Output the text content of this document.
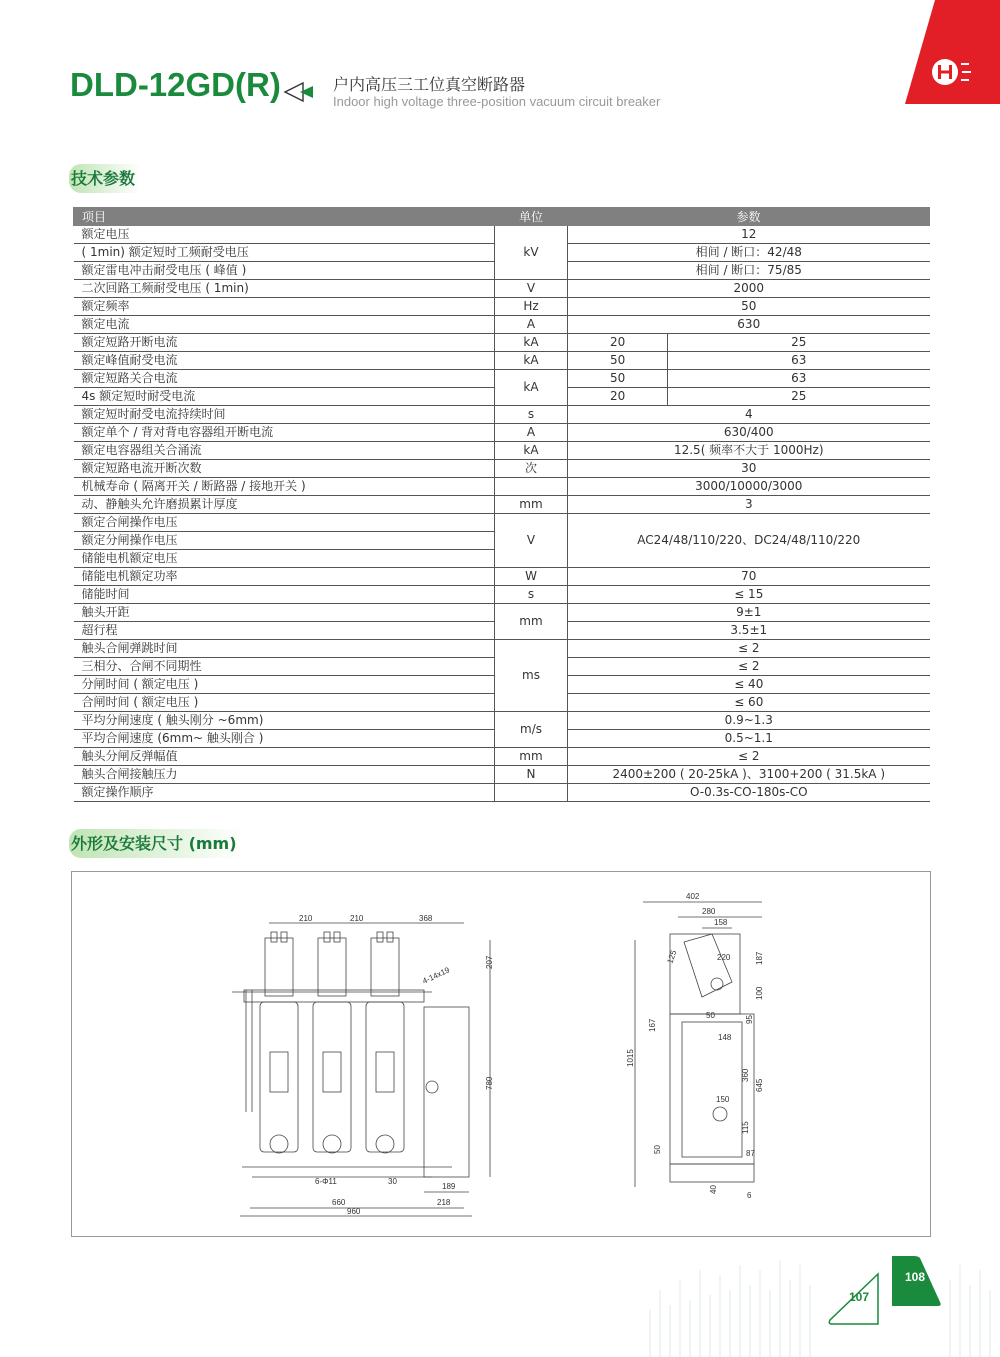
DLD-12GD(R)	户内高压三工位真空断路器
Indoor high voltage three-position vacuum circuit breaker
技术参数
项目	单位	参数	
额定电压	kV	12	
( 1min) 额定短时工频耐受电压		相间 / 断口：42/48	
额定雷电冲击耐受电压 ( 峰值 )		相间 / 断口：75/85	
二次回路工频耐受电压 ( 1min)	V	2000	
额定频率	Hz	50	
额定电流	A	630	
额定短路开断电流	kA	20	25
额定峰值耐受电流	kA	50	63
额定短路关合电流	kA	50	63
4s 额定短时耐受电流		20	25
额定短时耐受电流持续时间	s	4	
额定单个 / 背对背电容器组开断电流	A	630/400	
额定电容器组关合涌流	kA	12.5( 频率不大于 1000Hz)	
额定短路电流开断次数	次	30	
机械寿命 ( 隔离开关 / 断路器 / 接地开关 )		3000/10000/3000	
动、静触头允许磨损累计厚度	mm	3	
额定合闸操作电压	V	AC24/48/110/220、DC24/48/110/220	
额定分闸操作电压			
储能电机额定电压			
储能电机额定功率	W	70	
储能时间	s	≤ 15	
触头开距	mm	9±1	
超行程		3.5±1	
触头合闸弹跳时间	ms	≤ 2	
三相分、合闸不同期性		≤ 2	
分闸时间 ( 额定电压 )		≤ 40	
合闸时间 ( 额定电压 )		≤ 60	
平均分闸速度 ( 触头刚分 ~6mm)	m/s	0.9~1.3	
平均合闸速度 (6mm~ 触头刚合 )		0.5~1.1	
触头分闸反弹幅值	mm	≤ 2	
触头合闸接触压力	N	2400±200 ( 20-25kA )、3100+200 ( 31.5kA )	
额定操作顺序		O-0.3s-CO-180s-CO	
外形及安装尺寸 (mm)
210	210	368
207
780
4-14x19
6-Φ11	30
189
660	218
960
402
280
158
220	187
100
125
50	95
167
148
1015
360
645
150
115
87
50
40
6
107
108
